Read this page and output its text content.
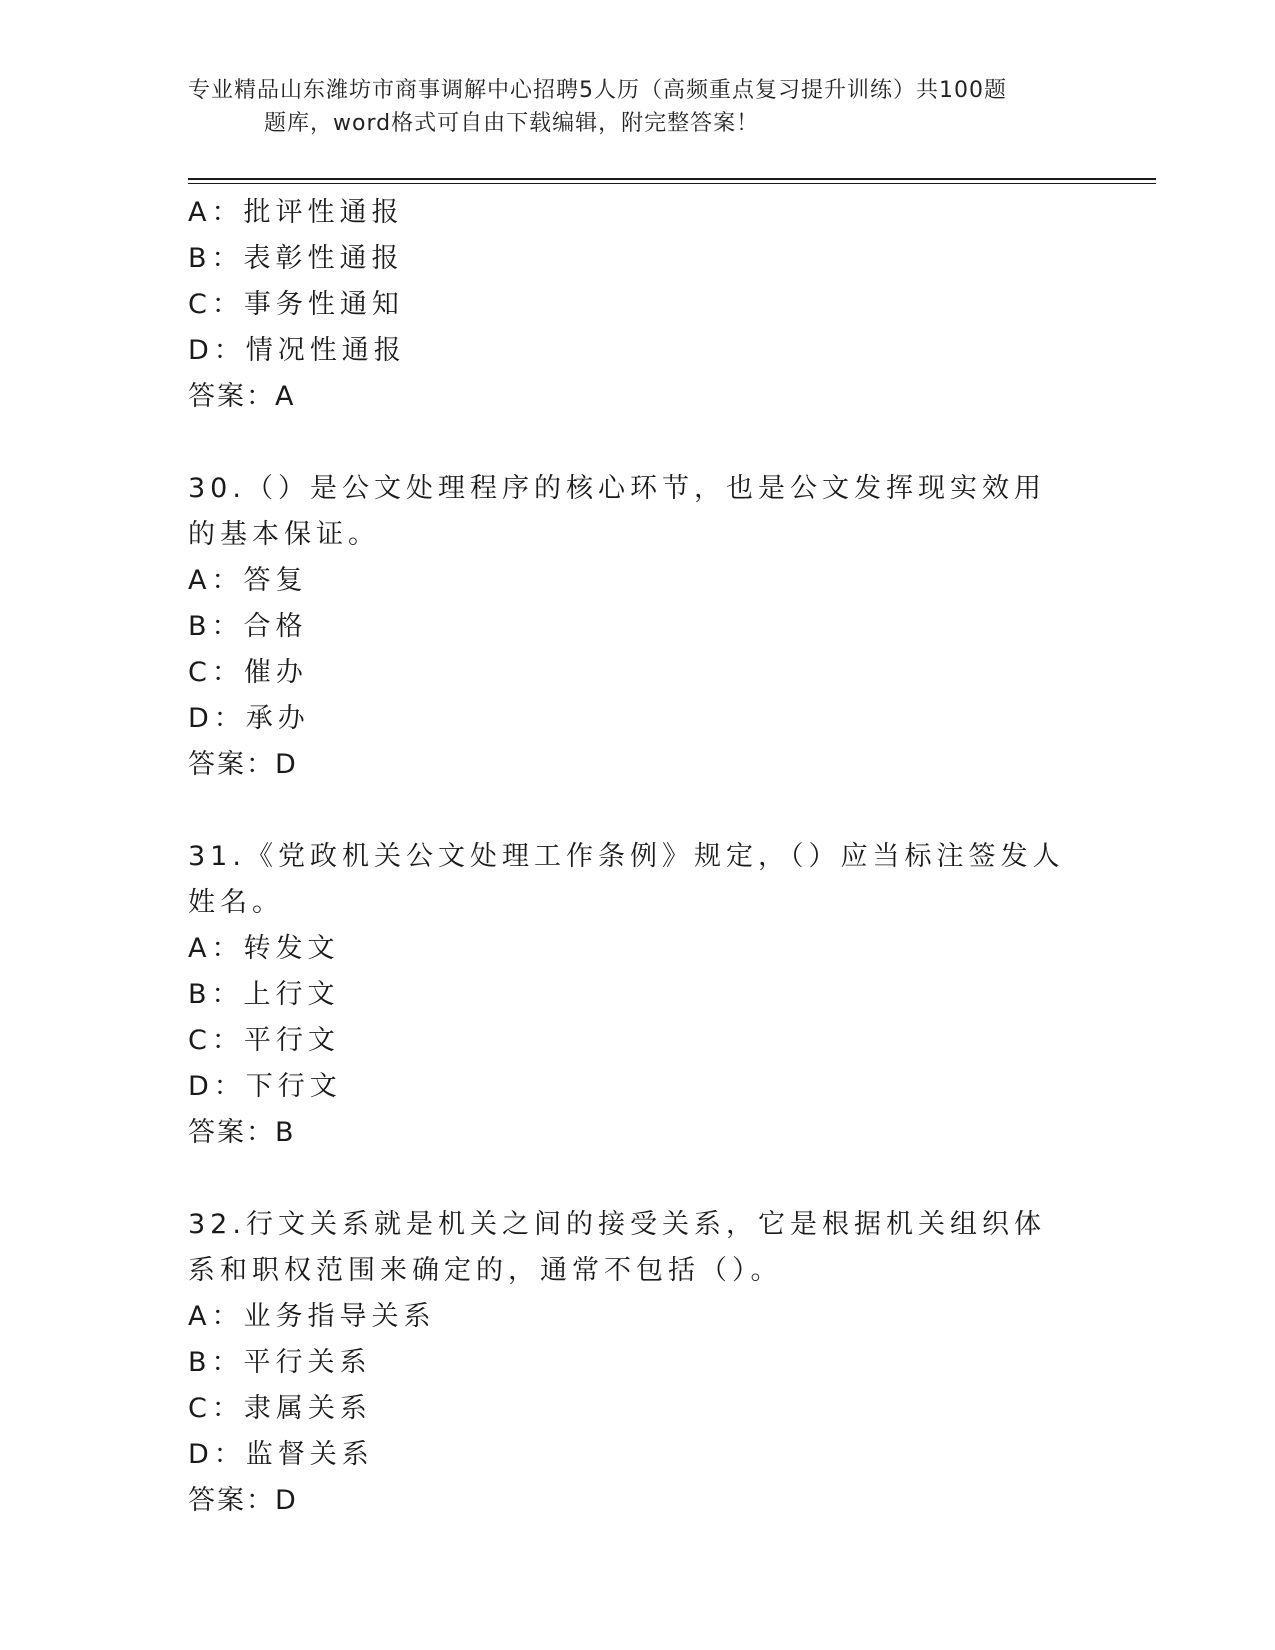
专业精品山东潍坊市商事调解中心招聘5人历（高频重点复习提升训练）共100题
题库，word格式可自由下载编辑，附完整答案！
A：批评性通报
B：表彰性通报
C：事务性通知
D：情况性通报
答案：A
30.（）是公文处理程序的核心环节，也是公文发挥现实效用的基本保证。
A：答复
B：合格
C：催办
D：承办
答案：D
31.《党政机关公文处理工作条例》规定，（）应当标注签发人姓名。
A：转发文
B：上行文
C：平行文
D：下行文
答案：B
32.行文关系就是机关之间的接受关系，它是根据机关组织体系和职权范围来确定的，通常不包括（）。
A：业务指导关系
B：平行关系
C：隶属关系
D：监督关系
答案：D
